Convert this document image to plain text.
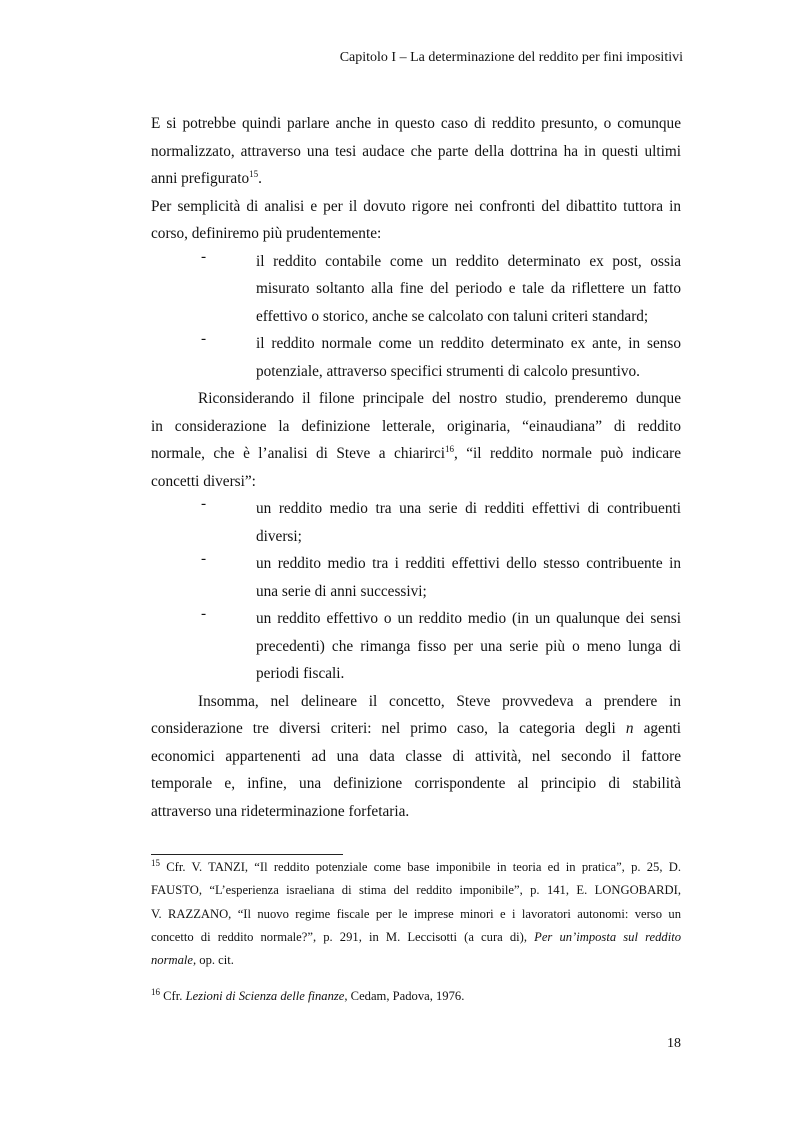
Capitolo I – La determinazione del reddito per fini impositivi
E si potrebbe quindi parlare anche in questo caso di reddito presunto, o comunque
normalizzato, attraverso una tesi audace che parte della dottrina ha in questi ultimi
anni prefigurato$^{15}$.
Per semplicità di analisi e per il dovuto rigore nei confronti del dibattito tuttora in
corso, definiremo più prudentemente:
-	il reddito contabile come un reddito determinato ex post, ossia
misurato soltanto alla fine del periodo e tale da riflettere un fatto
effettivo o storico, anche se calcolato con taluni criteri standard;
-	il reddito normale come un reddito determinato ex ante, in senso
potenziale, attraverso specifici strumenti di calcolo presuntivo.
Riconsiderando il filone principale del nostro studio, prenderemo dunque
in considerazione la definizione letterale, originaria, “einaudiana” di reddito
normale, che è l’analisi di Steve a chiarirci$^{16}$, “il reddito normale può indicare
concetti diversi”:
-	un reddito medio tra una serie di redditi effettivi di contribuenti
diversi;
-	un reddito medio tra i redditi effettivi dello stesso contribuente in
una serie di anni successivi;
-	un reddito effettivo o un reddito medio (in un qualunque dei sensi
precedenti) che rimanga fisso per una serie più o meno lunga di
periodi fiscali.
Insomma, nel delineare il concetto, Steve provvedeva a prendere in
considerazione tre diversi criteri: nel primo caso, la categoria degli n agenti
economici appartenenti ad una data classe di attività, nel secondo il fattore
temporale e, infine, una definizione corrispondente al principio di stabilità
attraverso una rideterminazione forfetaria.
$^{15}$ Cfr. V. TANZI, “Il reddito potenziale come base imponibile in teoria ed in pratica”, p. 25, D.
FAUSTO, “L’esperienza israeliana di stima del reddito imponibile”, p. 141, E. LONGOBARDI,
V. RAZZANO, “Il nuovo regime fiscale per le imprese minori e i lavoratori autonomi: verso un
concetto di reddito normale?”, p. 291, in M. Leccisotti (a cura di), Per un’imposta sul reddito
normale, op. cit.
$^{16}$ Cfr. Lezioni di Scienza delle finanze, Cedam, Padova, 1976.
18
